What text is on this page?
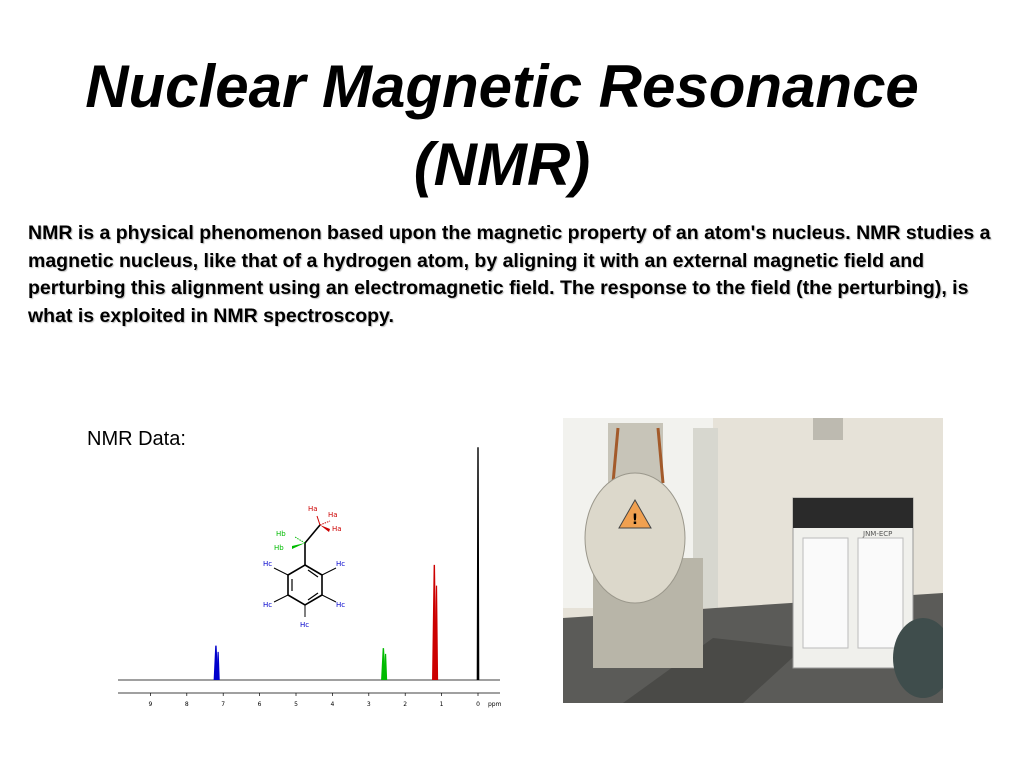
Nuclear Magnetic Resonance
(NMR)
NMR is a physical phenomenon based upon the magnetic property of an atom's nucleus. NMR studies a magnetic nucleus, like that of a hydrogen atom, by aligning it with an external magnetic field and perturbing this alignment using an electromagnetic field. The response to the field (the perturbing), is what is exploited in NMR spectroscopy.
NMR Data:
Ha
Ha
Ha
Hb
Hb
Hc
Hc
Hc
Hc
Hc
9	8	7	6	5	4	3	2	1	0 ppm
!
JNM-ECP
